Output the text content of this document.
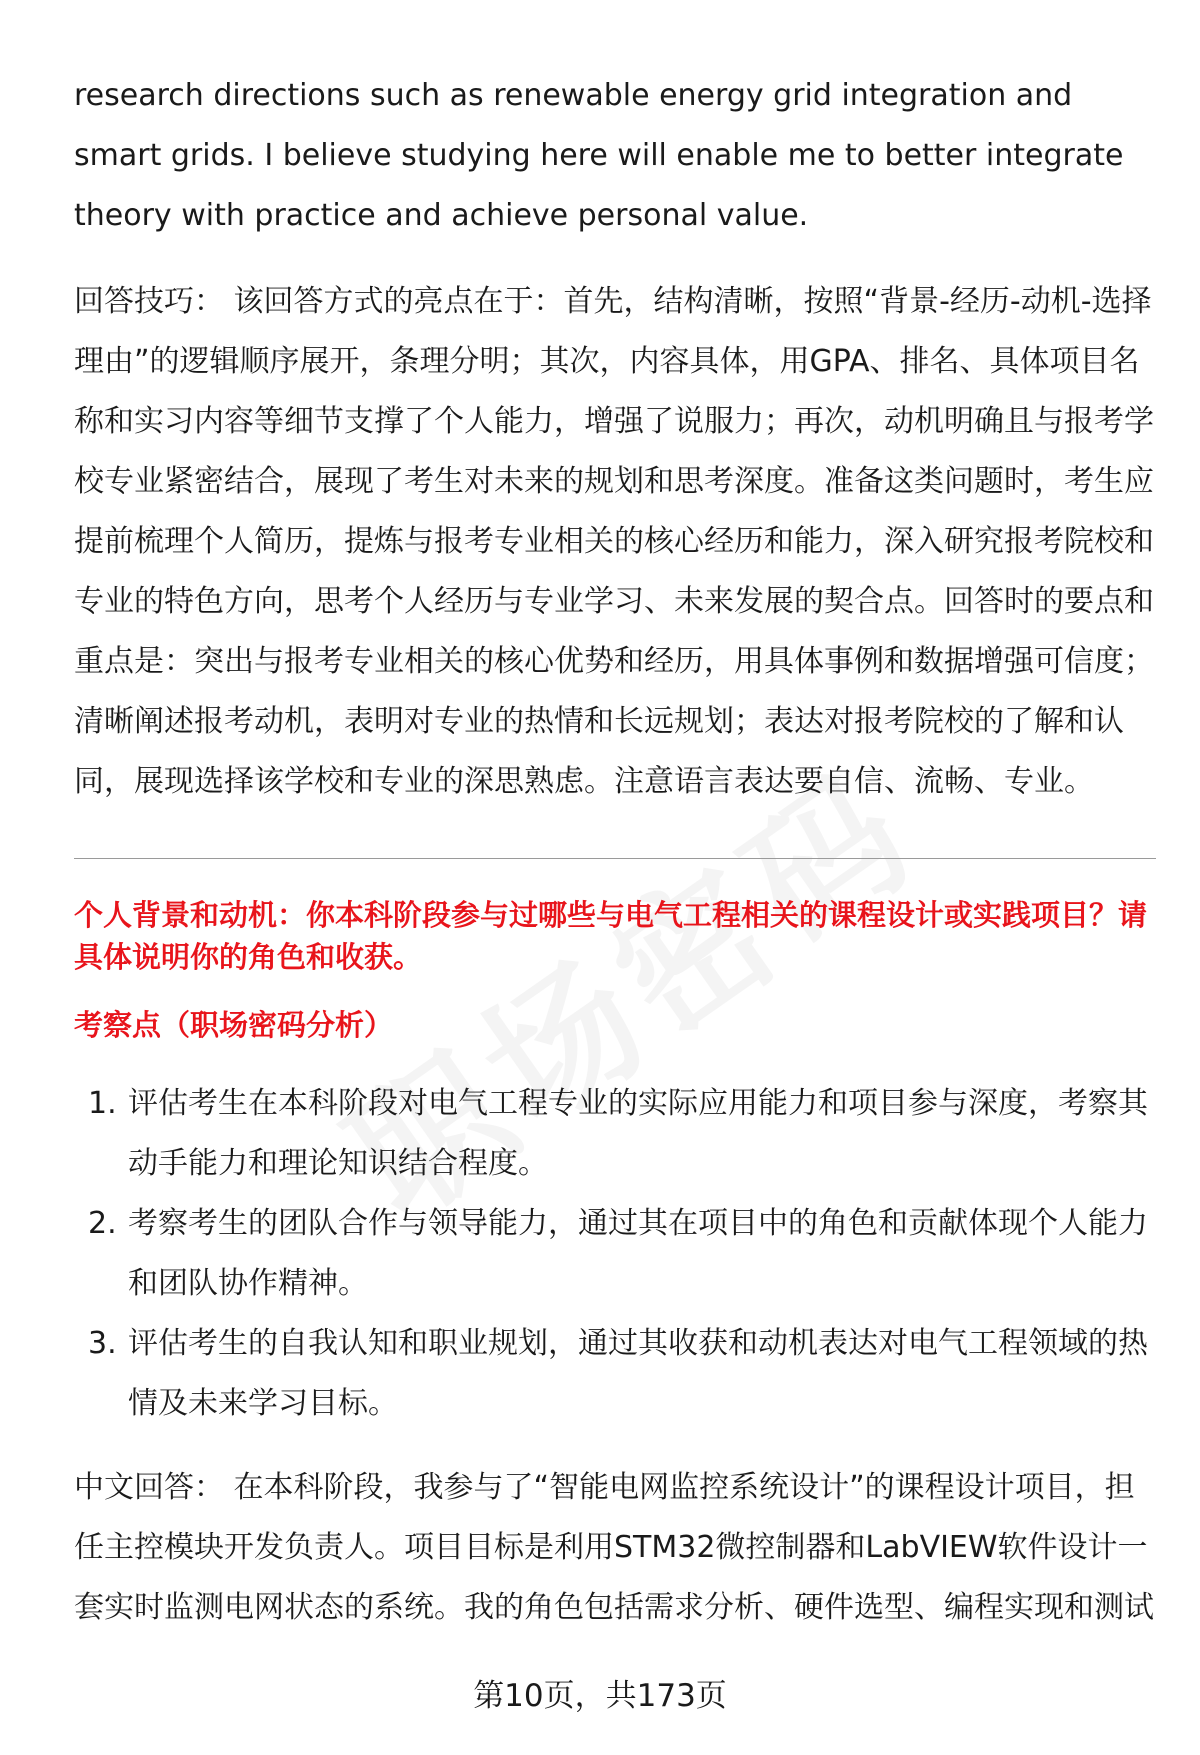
research directions such as renewable energy grid integration and smart grids. I believe studying here will enable me to better integrate theory with practice and achieve personal value.

回答技巧： 该回答方式的亮点在于：首先，结构清晰，按照“背景-经历-动机-选择理由”的逻辑顺序展开，条理分明；其次，内容具体，用GPA、排名、具体项目名称和实习内容等细节支撑了个人能力，增强了说服力；再次，动机明确且与报考学校专业紧密结合，展现了考生对未来的规划和思考深度。准备这类问题时，考生应提前梳理个人简历，提炼与报考专业相关的核心经历和能力，深入研究报考院校和专业的特色方向，思考个人经历与专业学习、未来发展的契合点。回答时的要点和重点是：突出与报考专业相关的核心优势和经历，用具体事例和数据增强可信度；清晰阐述报考动机，表明对专业的热情和长远规划；表达对报考院校的了解和认同，展现选择该学校和专业的深思熟虑。注意语言表达要自信、流畅、专业。

个人背景和动机：你本科阶段参与过哪些与电气工程相关的课程设计或实践项目？请具体说明你的角色和收获。

考察点（职场密码分析）

1. 评估考生在本科阶段对电气工程专业的实际应用能力和项目参与深度，考察其动手能力和理论知识结合程度。
2. 考察考生的团队合作与领导能力，通过其在项目中的角色和贡献体现个人能力和团队协作精神。
3. 评估考生的自我认知和职业规划，通过其收获和动机表达对电气工程领域的热情及未来学习目标。

中文回答： 在本科阶段，我参与了“智能电网监控系统设计”的课程设计项目，担任主控模块开发负责人。项目目标是利用STM32微控制器和LabVIEW软件设计一套实时监测电网状态的系统。我的角色包括需求分析、硬件选型、编程实现和测试

第10页，共173页
